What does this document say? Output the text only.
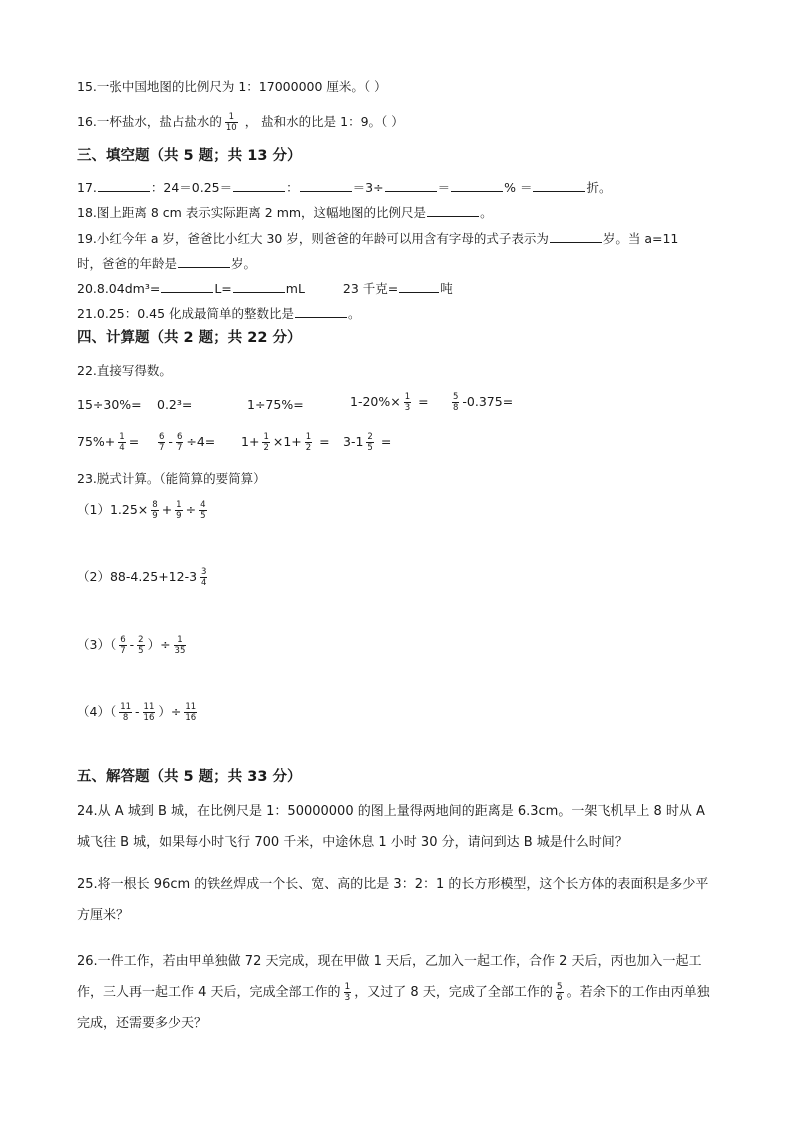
15.一张中国地图的比例尺为 1：17000000 厘米。（ ）
16.一杯盐水，盐占盐水的 $\frac{1}{10}$ ， 盐和水的比是 1：9。（ ）
三、填空题（共 5 题；共 13 分）
17.	：24＝0.25＝	：	＝3÷	＝	% ＝	折。
18.图上距离 8 cm 表示实际距离 2 mm，这幅地图的比例尺是	。
19.小红今年 a 岁，爸爸比小红大 30 岁，则爸爸的年龄可以用含有字母的式子表示为	岁。当 a=11
时，爸爸的年龄是	岁。
20.8.04dm³=	L=	mL	23 千克=	吨
21.0.25：0.45 化成最简单的整数比是	。
四、计算题（共 2 题；共 22 分）
22.直接写得数。
15÷30%= 0.2³=	1÷75%=	$1-20\%\times \frac{1}{3}$ =	$\frac{5}{8} -0.375=$
$75\%+ \frac{1}{4} = \frac{6}{7} - \frac{6}{7} \div 4= 1+ \frac{1}{2} \times 1+ \frac{1}{2} = 3-1 \frac{2}{5}$ =
23.脱式计算。（能简算的要简算）
$(1)1.25\times \frac{8}{9} + \frac{1}{9} \div \frac{4}{5}$
$(2)88-4.25+12-3 \frac{3}{4}$
$(3)( \frac{6}{7} - \frac{2}{5}$ ）÷ $\frac{1}{35}$
$(4)( \frac{11}{8} - \frac{11}{16}$ ）÷ $\frac{11}{16}$
五、解答题（共 5 题；共 33 分）
24.从 A 城到 B 城，在比例尺是 1：50000000 的图上量得两地间的距离是 6.3cm。一架飞机早上 8 时从 A 城飞往 B 城，如果每小时飞行 700 千米，中途休息 1 小时 30 分，请问到达 B 城是什么时间？
25.将一根长 96cm 的铁丝焊成一个长、宽、高的比是 3：2：1 的长方形模型，这个长方体的表面积是多少平方厘米？
26.一件工作，若由甲单独做 72 天完成，现在甲做 1 天后，乙加入一起工作，合作 2 天后，丙也加入一起工作，三人再一起工作 4 天后，完成全部工作的 $\frac{1}{3}$ ，又过了 8 天，完成了全部工作的 $\frac{5}{6}$ 。若余下的工作由丙单独完成，还需要多少天？
